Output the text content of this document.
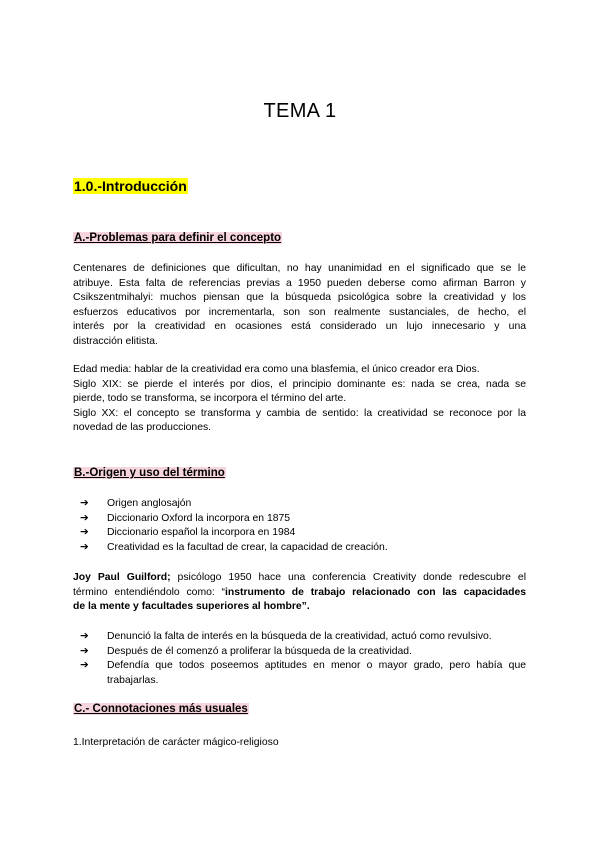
TEMA 1
1.0.-Introducción
A.-Problemas para definir el concepto
Centenares de definiciones que dificultan, no hay unanimidad en el significado que se le
atribuye. Esta falta de referencias previas a 1950 pueden deberse como afirman Barron y
Csikszentmihalyi: muchos piensan que la búsqueda psicológica sobre la creatividad y los
esfuerzos educativos por incrementarla, son son realmente sustanciales, de hecho, el
interés por la creatividad en ocasiones está considerado un lujo innecesario y una
distracción elitista.
Edad media: hablar de la creatividad era como una blasfemia, el único creador era Dios.
Siglo XIX: se pierde el interés por dios, el principio dominante es: nada se crea, nada se
pierde, todo se transforma, se incorpora el término del arte.
Siglo XX: el concepto se transforma y cambia de sentido: la creatividad se reconoce por la
novedad de las producciones.
B.-Origen y uso del término
➔	Origen anglosajón
➔	Diccionario Oxford la incorpora en 1875
➔	Diccionario español la incorpora en 1984
➔	Creatividad es la facultad de crear, la capacidad de creación.
Joy Paul Guilford; psicólogo 1950 hace una conferencia Creativity donde redescubre el
término entendiéndolo como: “instrumento de trabajo relacionado con las capacidades
de la mente y facultades superiores al hombre”.
➔	Denunció la falta de interés en la búsqueda de la creatividad, actuó como revulsivo.
➔	Después de él comenzó a proliferar la búsqueda de la creatividad.
➔	Defendía que todos poseemos aptitudes en menor o mayor grado, pero había que
trabajarlas.
C.- Connotaciones más usuales
1.Interpretación de carácter mágico-religioso
